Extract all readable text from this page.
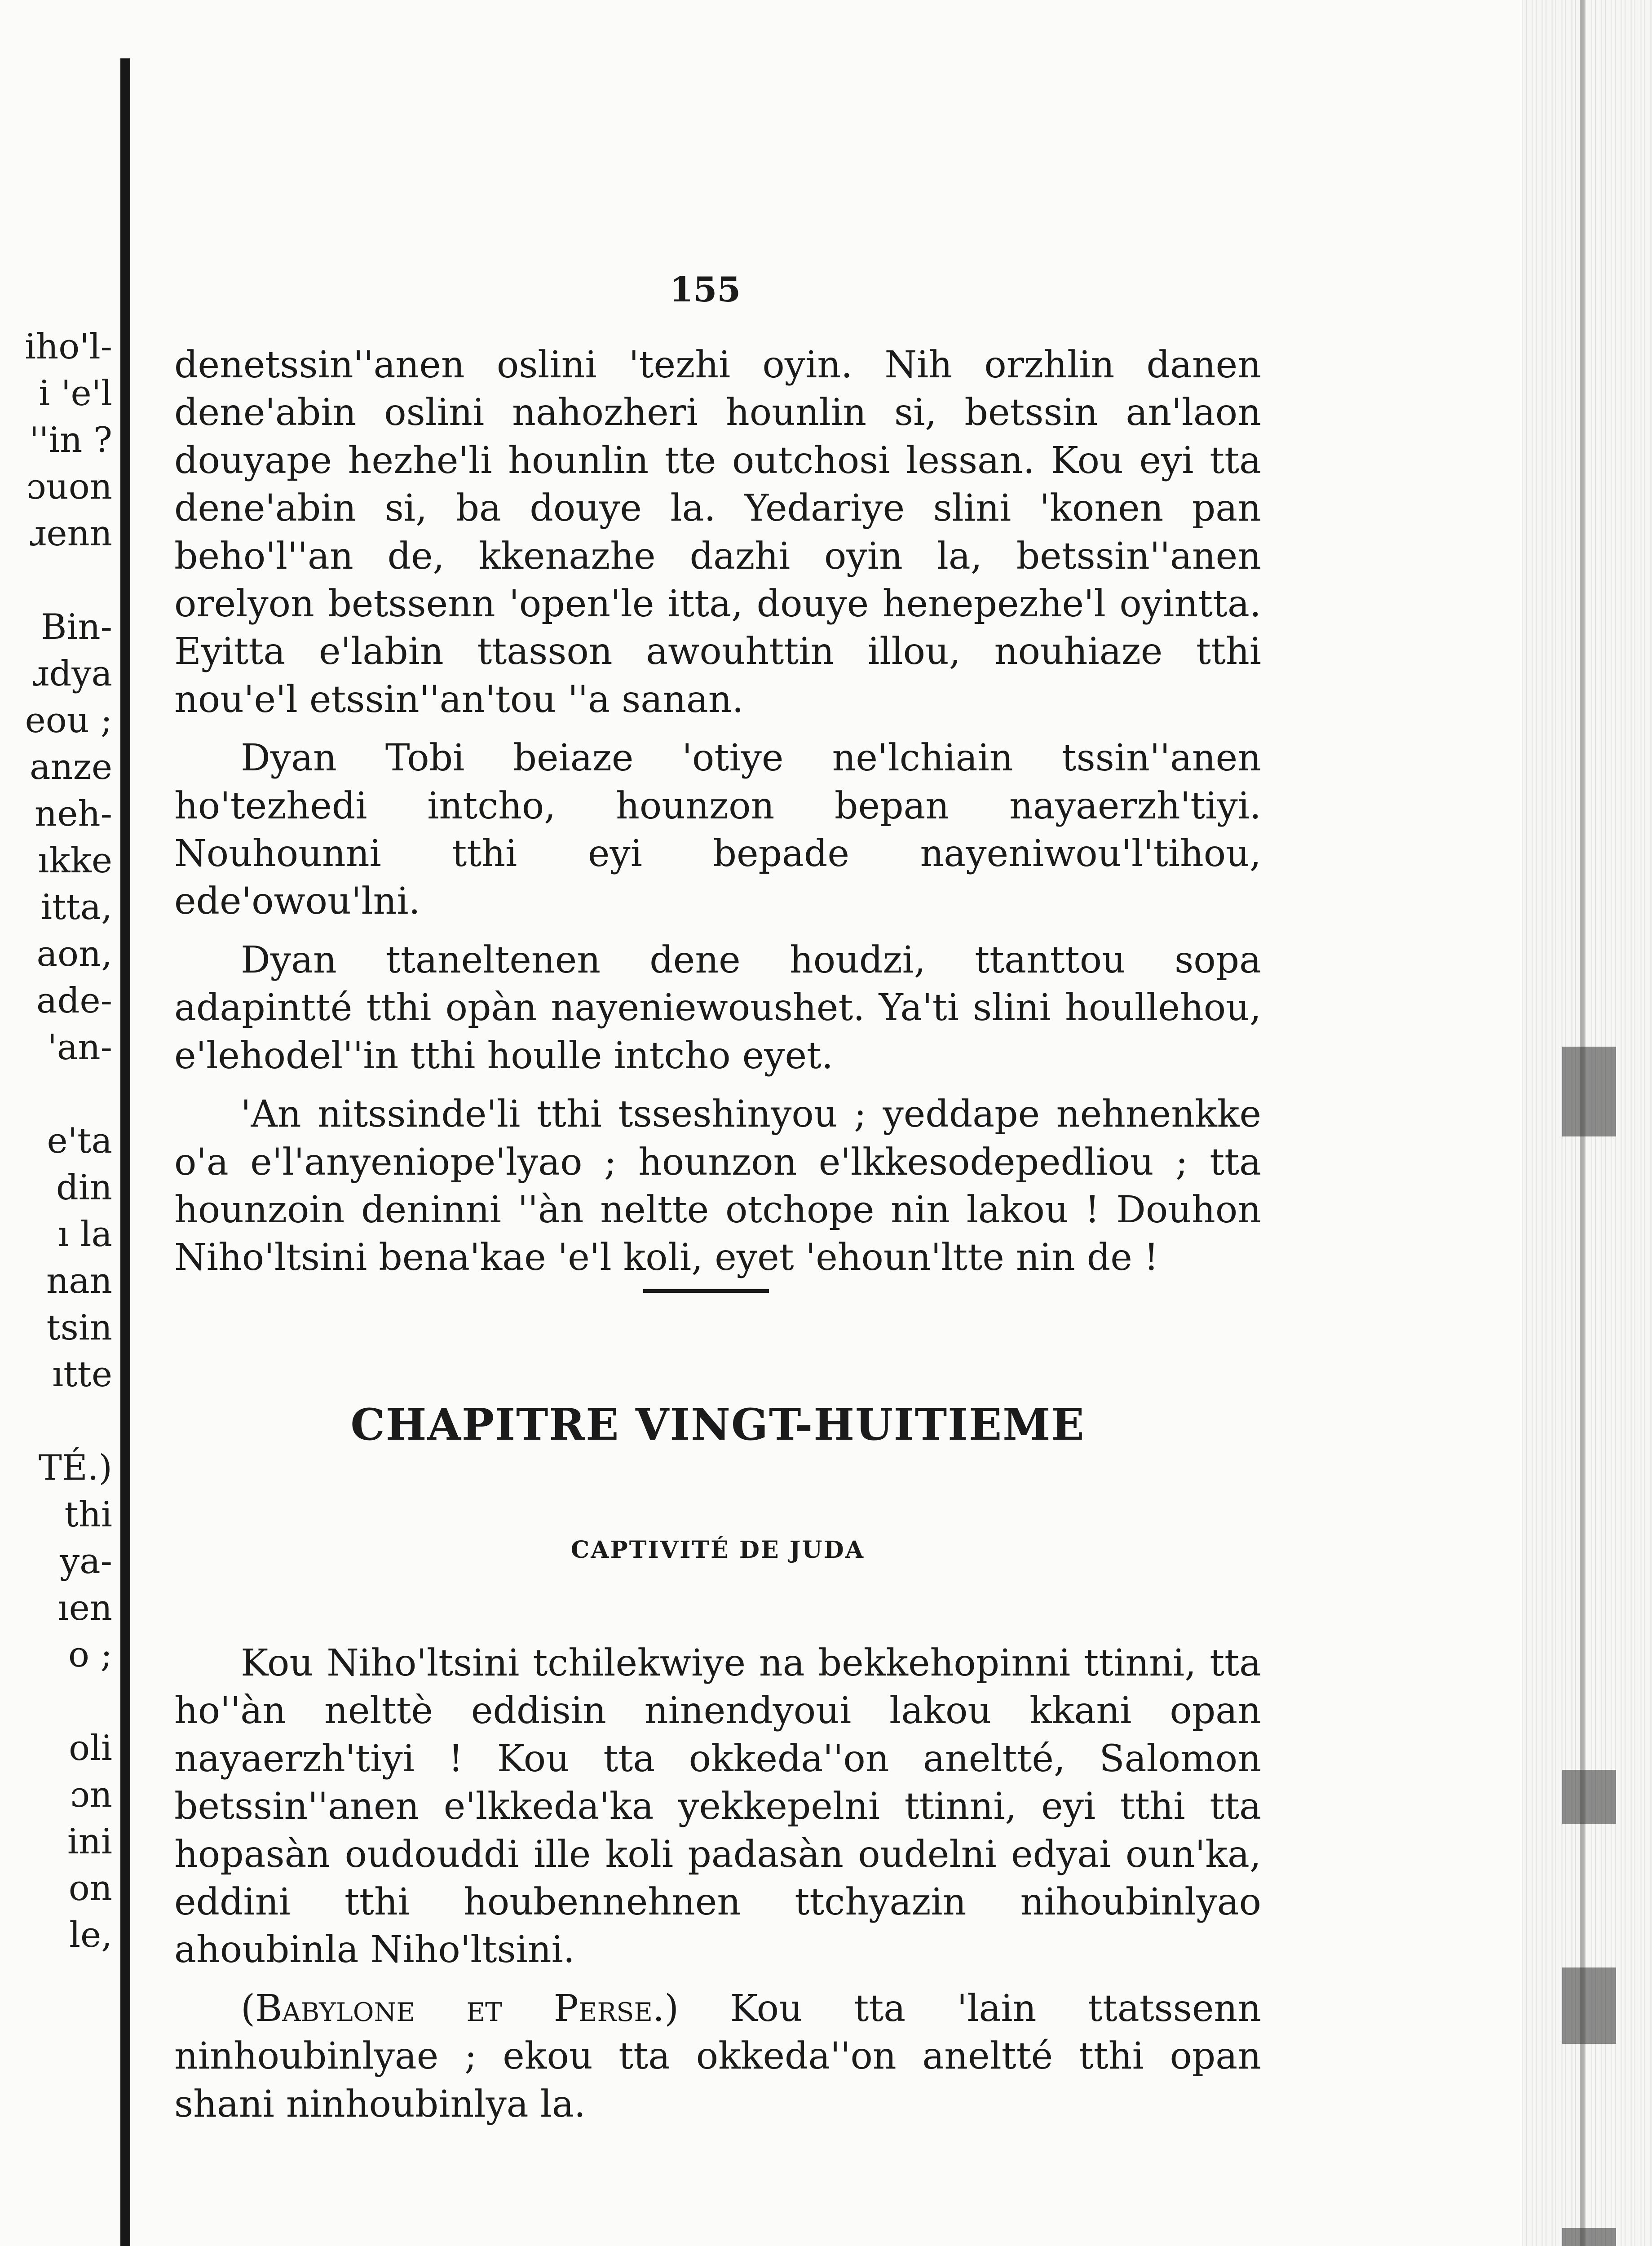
iho'l-
i 'e'l
''in ?
ɔuon
ɹenn
Bin-
ɹdya
eou ;
anze
neh-
ıkke
itta,
aon,
ade-
'an-
e'ta
din
ı la
nan
tsin
ıtte
TÉ.)
thi
ya-
ıen
o ;
oli
ɔn
ini
on
le,
155

denetssin''anen oslini 'tezhi oyin. Nih orzhlin danen dene'abin oslini nahozheri hounlin si, betssin an'laon douyape hezhe'li hounlin tte outchosi lessan. Kou eyi tta dene'abin si, ba douye la. Yedariye slini 'konen pan beho'l''an de, kkenazhe dazhi oyin la, betssin''anen orelyon betssenn 'open'le itta, douye henepezhe'l oyintta. Eyitta e'labin ttasson awouhttin illou, nouhiaze tthi nou'e'l etssin''an'tou ''a sanan.

Dyan Tobi beiaze 'otiye ne'lchiain tssin''anen ho'tezhedi intcho, hounzon bepan nayaerzh'tiyi. Nouhounni tthi eyi bepade nayeniwou'l'tihou, ede'owou'lni.

Dyan ttaneltenen dene houdzi, ttanttou sopa adapintté tthi opàn nayeniewoushet. Ya'ti slini houllehou, e'lehodel''in tthi houlle intcho eyet.

'An nitssinde'li tthi tsseshinyou ; yeddape nehnenkke o'a e'l'anyeniope'lyao ; hounzon e'lkkesodepedliou ; tta hounzoin deninni ''àn neltte otchope nin lakou ! Douhon Niho'ltsini bena'kae 'e'l koli, eyet 'ehoun'ltte nin de !

CHAPITRE VINGT-HUITIEME
CAPTIVITÉ DE JUDA

Kou Niho'ltsini tchilekwiye na bekkehopinni ttinni, tta ho''àn nelttè eddisin ninendyoui lakou kkani opan nayaerzh'tiyi ! Kou tta okkeda''on aneltté, Salomon betssin''anen e'lkkeda'ka yekkepelni ttinni, eyi tthi tta hopasàn oudouddi ille koli padasàn oudelni edyai oun'ka, eddini tthi houbennehnen ttchyazin nihoubinlyao ahoubinla Niho'ltsini.

(Babylone et Perse.) Kou tta 'lain ttatssenn ninhoubinlyae ; ekou tta okkeda''on aneltté tthi opan shani ninhoubinlya la.
